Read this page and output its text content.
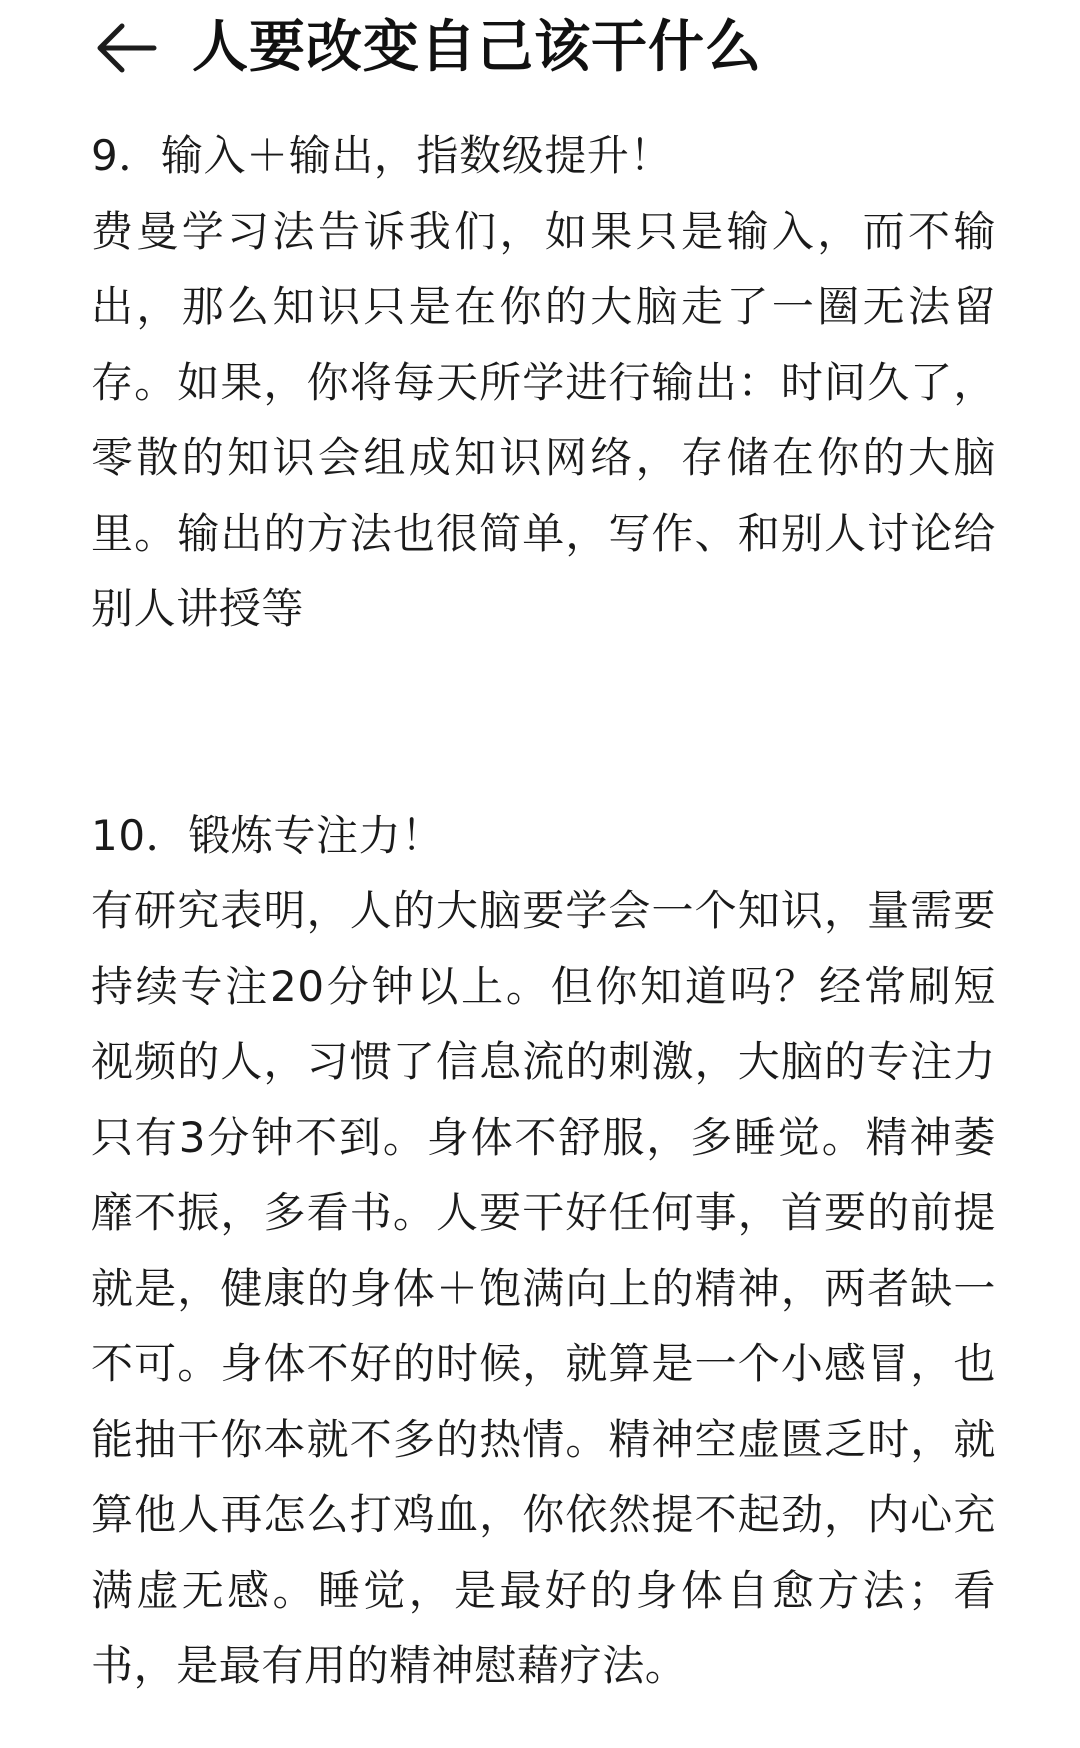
人要改变自己该干什么

9．输入＋输出，指数级提升！

费曼学习法告诉我们，如果只是输入，而不输出，那么知识只是在你的大脑走了一圈无法留存。如果，你将每天所学进行输出：时间久了，零散的知识会组成知识网络，存储在你的大脑里。输出的方法也很简单，写作、和别人讨论给别人讲授等

10．锻炼专注力！

有研究表明，人的大脑要学会一个知识，量需要持续专注20分钟以上。但你知道吗？经常刷短视频的人，习惯了信息流的刺激，大脑的专注力只有3分钟不到。身体不舒服，多睡觉。精神萎靡不振，多看书。人要干好任何事，首要的前提就是，健康的身体＋饱满向上的精神，两者缺一不可。身体不好的时候，就算是一个小感冒，也能抽干你本就不多的热情。精神空虚匮乏时，就算他人再怎么打鸡血，你依然提不起劲，内心充满虚无感。睡觉，是最好的身体自愈方法；看书，是最有用的精神慰藉疗法。
